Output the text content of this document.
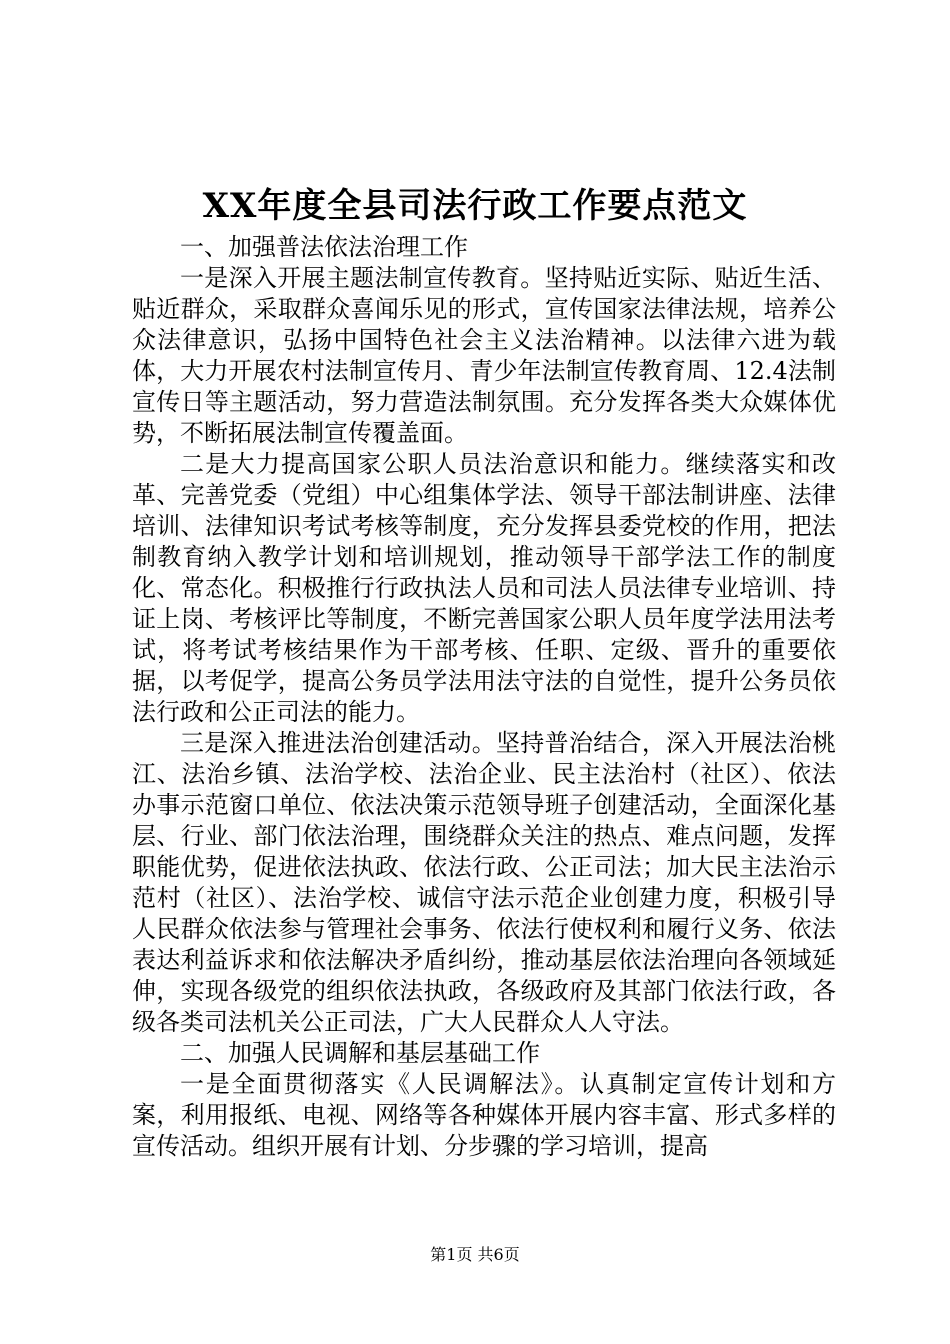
XX年度全县司法行政工作要点范文

一、加强普法依法治理工作

一是深入开展主题法制宣传教育。坚持贴近实际、贴近生活、贴近群众，采取群众喜闻乐见的形式，宣传国家法律法规，培养公众法律意识，弘扬中国特色社会主义法治精神。以法律六进为载体，大力开展农村法制宣传月、青少年法制宣传教育周、12.4法制宣传日等主题活动，努力营造法制氛围。充分发挥各类大众媒体优势，不断拓展法制宣传覆盖面。

二是大力提高国家公职人员法治意识和能力。继续落实和改革、完善党委（党组）中心组集体学法、领导干部法制讲座、法律培训、法律知识考试考核等制度，充分发挥县委党校的作用，把法制教育纳入教学计划和培训规划，推动领导干部学法工作的制度化、常态化。积极推行行政执法人员和司法人员法律专业培训、持证上岗、考核评比等制度，不断完善国家公职人员年度学法用法考试，将考试考核结果作为干部考核、任职、定级、晋升的重要依据，以考促学，提高公务员学法用法守法的自觉性，提升公务员依法行政和公正司法的能力。

三是深入推进法治创建活动。坚持普治结合，深入开展法治桃江、法治乡镇、法治学校、法治企业、民主法治村（社区）、依法办事示范窗口单位、依法决策示范领导班子创建活动，全面深化基层、行业、部门依法治理，围绕群众关注的热点、难点问题，发挥职能优势，促进依法执政、依法行政、公正司法；加大民主法治示范村（社区）、法治学校、诚信守法示范企业创建力度，积极引导人民群众依法参与管理社会事务、依法行使权利和履行义务、依法表达利益诉求和依法解决矛盾纠纷，推动基层依法治理向各领域延伸，实现各级党的组织依法执政，各级政府及其部门依法行政，各级各类司法机关公正司法，广大人民群众人人守法。

二、加强人民调解和基层基础工作

一是全面贯彻落实《人民调解法》。认真制定宣传计划和方案，利用报纸、电视、网络等各种媒体开展内容丰富、形式多样的宣传活动。组织开展有计划、分步骤的学习培训，提高

第1页 共6页
